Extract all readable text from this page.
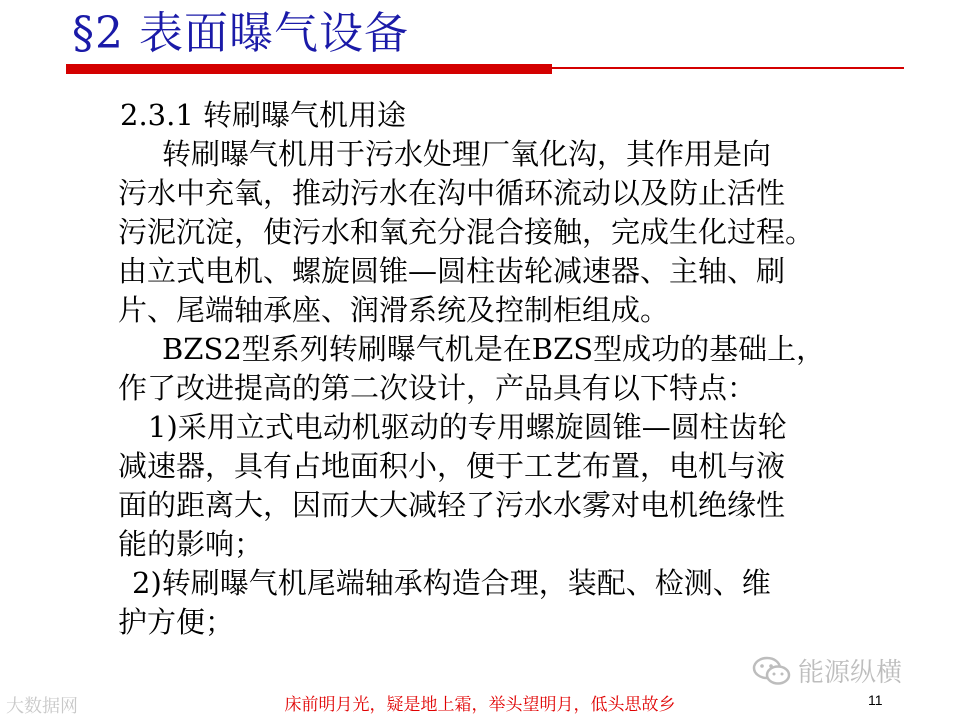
§2 表面曝气设备
2.3.1 转刷曝气机用途
转刷曝气机用于污水处理厂氧化沟，其作用是向
污水中充氧，推动污水在沟中循环流动以及防止活性
污泥沉淀，使污水和氧充分混合接触，完成生化过程。
由立式电机、螺旋圆锥—圆柱齿轮减速器、主轴、刷
片、尾端轴承座、润滑系统及控制柜组成。
BZS2型系列转刷曝气机是在BZS型成功的基础上，
作了改进提高的第二次设计，产品具有以下特点：
1)采用立式电动机驱动的专用螺旋圆锥—圆柱齿轮
减速器，具有占地面积小，便于工艺布置，电机与液
面的距离大，因而大大减轻了污水水雾对电机绝缘性
能的影响；
2)转刷曝气机尾端轴承构造合理，装配、检测、维
护方便；
能源纵横
大数据网	床前明月光，疑是地上霜，举头望明月，低头思故乡	11
